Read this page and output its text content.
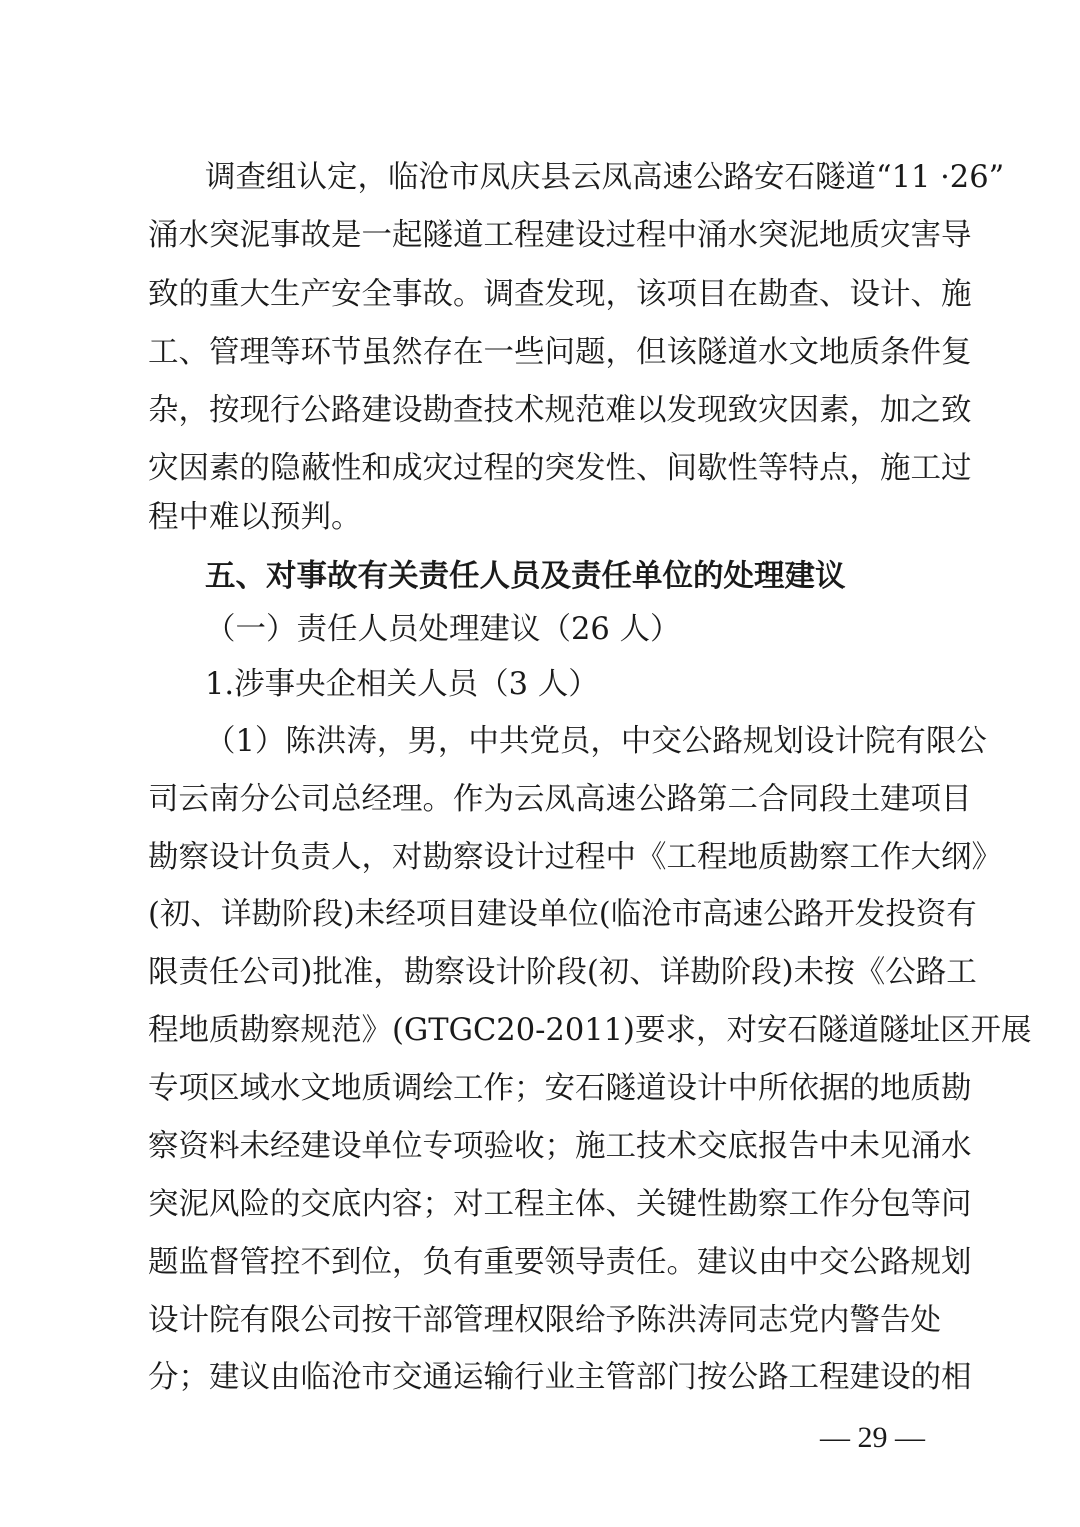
调查组认定，临沧市凤庆县云凤高速公路安石隧道“11 ·26”
涌水突泥事故是一起隧道工程建设过程中涌水突泥地质灾害导
致的重大生产安全事故。调查发现，该项目在勘查、设计、施
工、管理等环节虽然存在一些问题，但该隧道水文地质条件复
杂，按现行公路建设勘查技术规范难以发现致灾因素，加之致
灾因素的隐蔽性和成灾过程的突发性、间歇性等特点，施工过
程中难以预判。
五、对事故有关责任人员及责任单位的处理建议
（一）责任人员处理建议（26 人）
1.涉事央企相关人员（3 人）
（1）陈洪涛，男，中共党员，中交公路规划设计院有限公
司云南分公司总经理。作为云凤高速公路第二合同段土建项目
勘察设计负责人，对勘察设计过程中《工程地质勘察工作大纲》
(初、详勘阶段)未经项目建设单位(临沧市高速公路开发投资有
限责任公司)批准，勘察设计阶段(初、详勘阶段)未按《公路工
程地质勘察规范》(GTGC20-2011)要求，对安石隧道隧址区开展
专项区域水文地质调绘工作；安石隧道设计中所依据的地质勘
察资料未经建设单位专项验收；施工技术交底报告中未见涌水
突泥风险的交底内容；对工程主体、关键性勘察工作分包等问
题监督管控不到位，负有重要领导责任。建议由中交公路规划
设计院有限公司按干部管理权限给予陈洪涛同志党内警告处
分；建议由临沧市交通运输行业主管部门按公路工程建设的相
— 29 —
